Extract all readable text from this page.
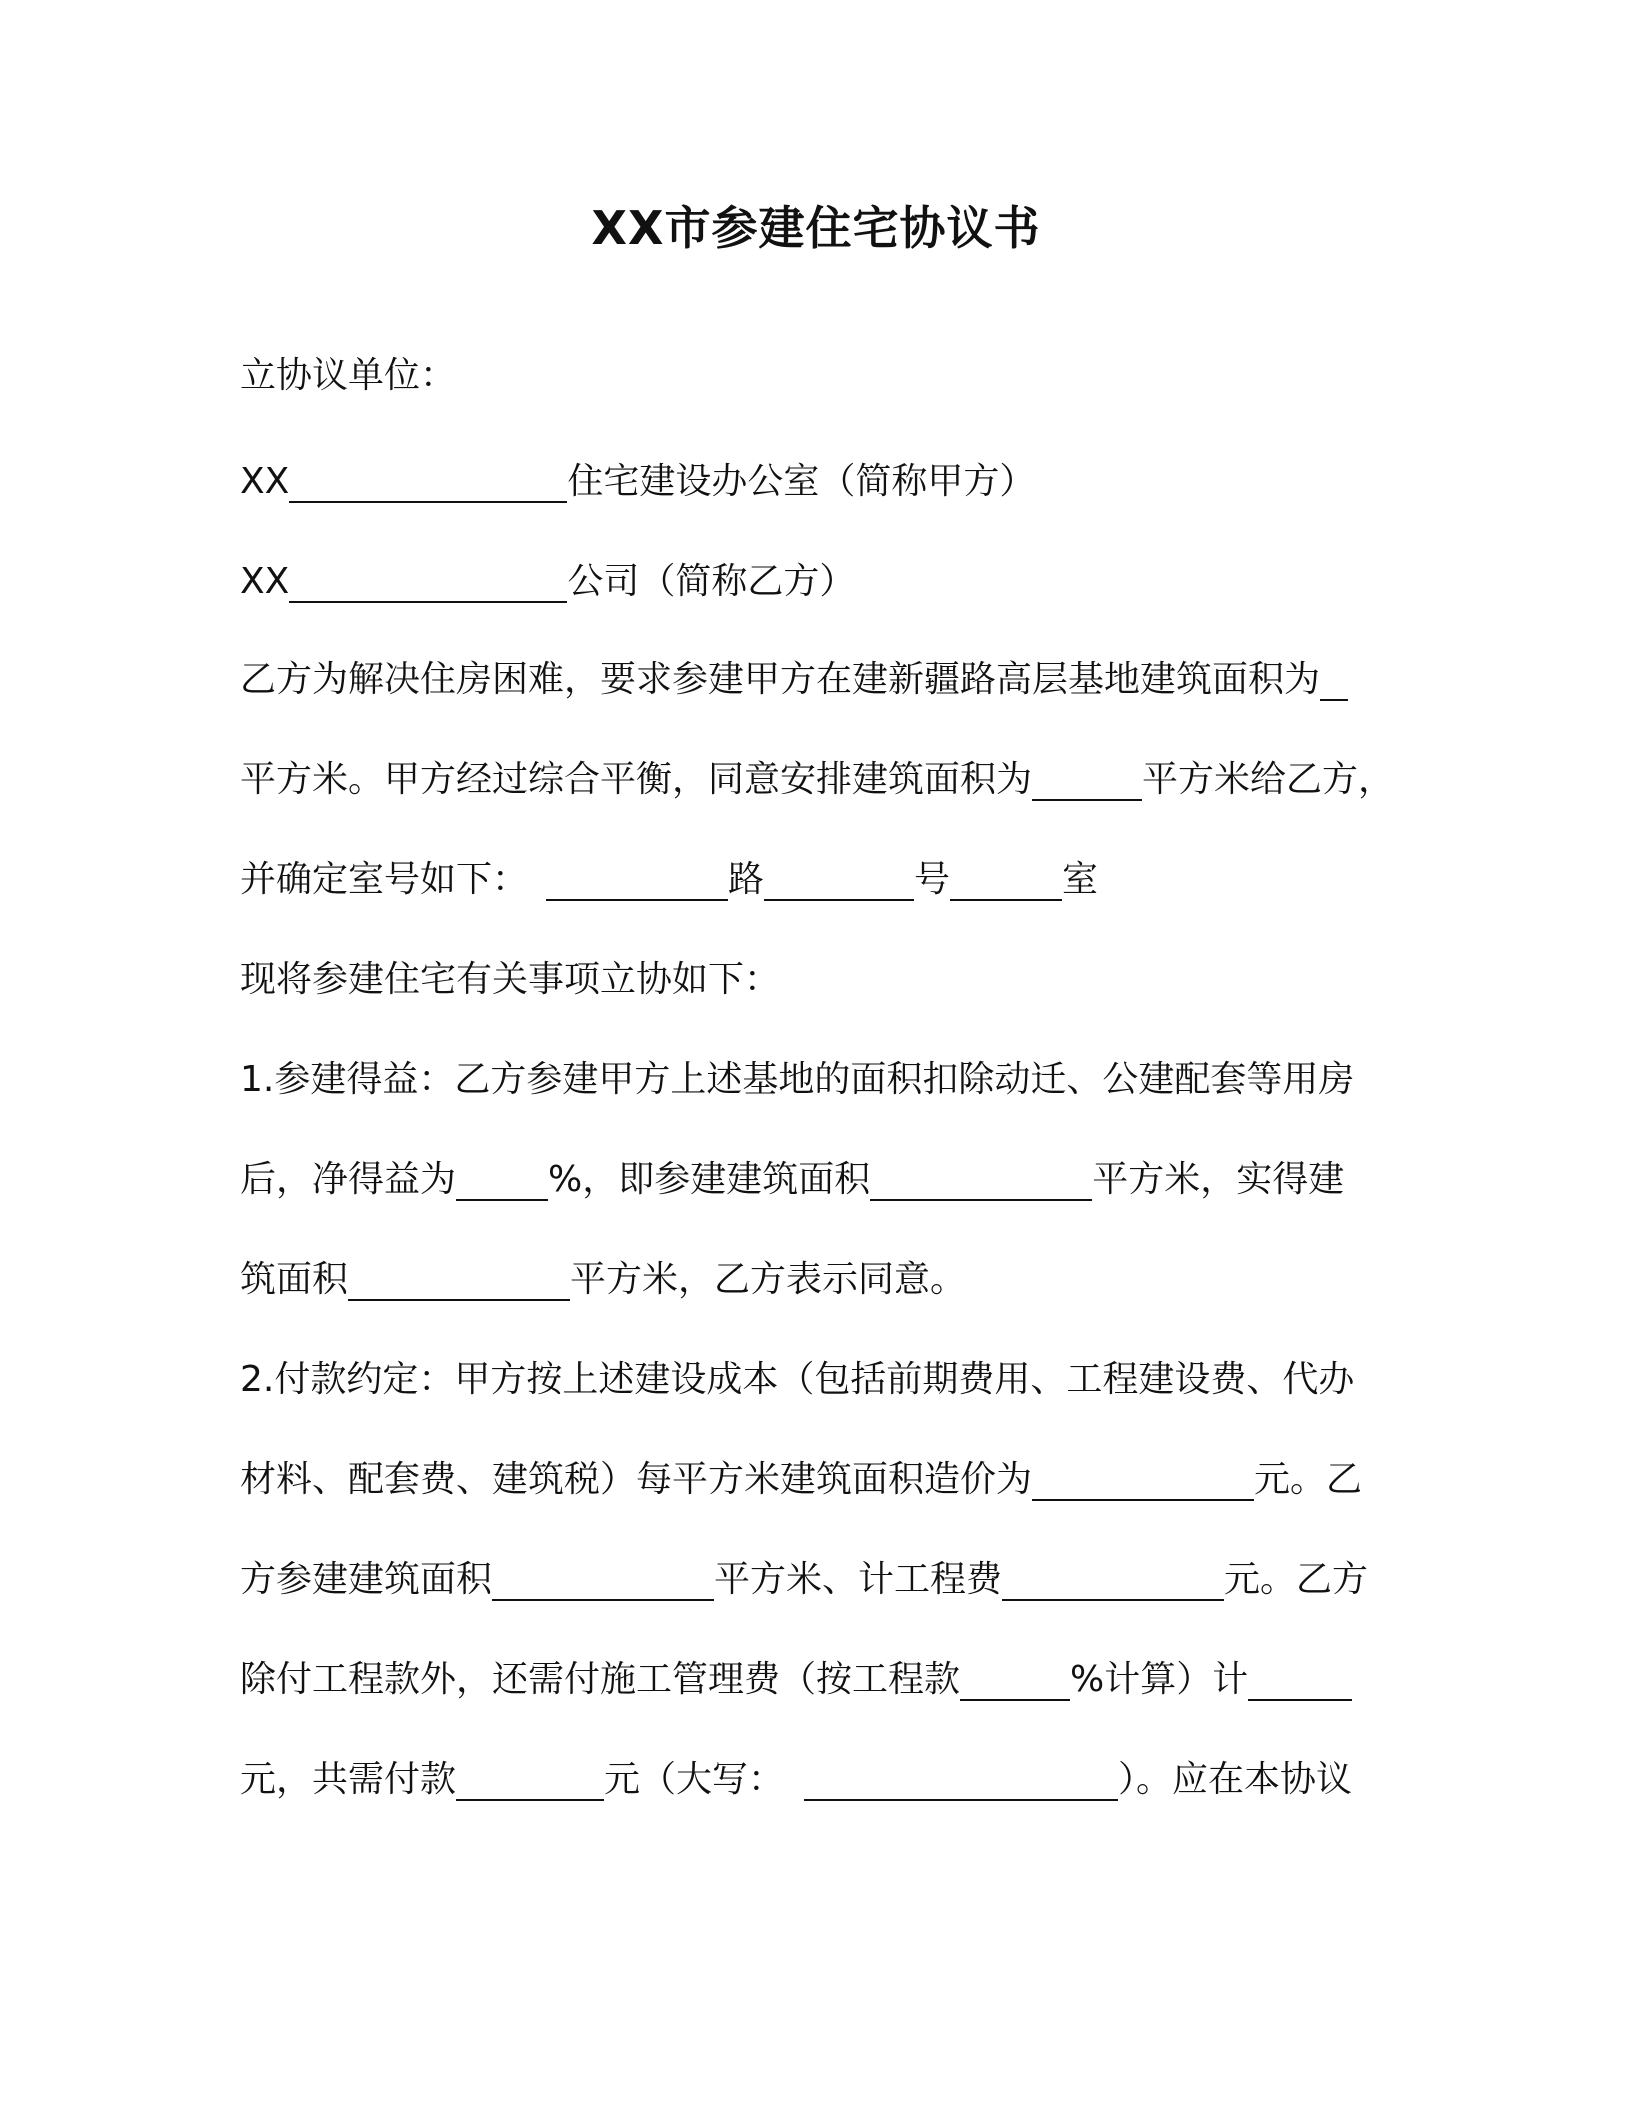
XX市参建住宅协议书
立协议单位：
XX	住宅建设办公室（简称甲方）
XX	公司（简称乙方）
乙方为解决住房困难，要求参建甲方在建新疆路高层基地建筑面积为
平方米。甲方经过综合平衡，同意安排建筑面积为	平方米给乙方，
并确定室号如下：	路	号	室
现将参建住宅有关事项立协如下：
1.参建得益：乙方参建甲方上述基地的面积扣除动迁、公建配套等用房
后，净得益为	%，即参建建筑面积	平方米，实得建
筑面积	平方米，乙方表示同意。
2.付款约定：甲方按上述建设成本（包括前期费用、工程建设费、代办
材料、配套费、建筑税）每平方米建筑面积造价为	元。乙
方参建建筑面积	平方米、计工程费	元。乙方
除付工程款外，还需付施工管理费（按工程款	%计算）计
元，共需付款	元（大写：	）。应在本协议
